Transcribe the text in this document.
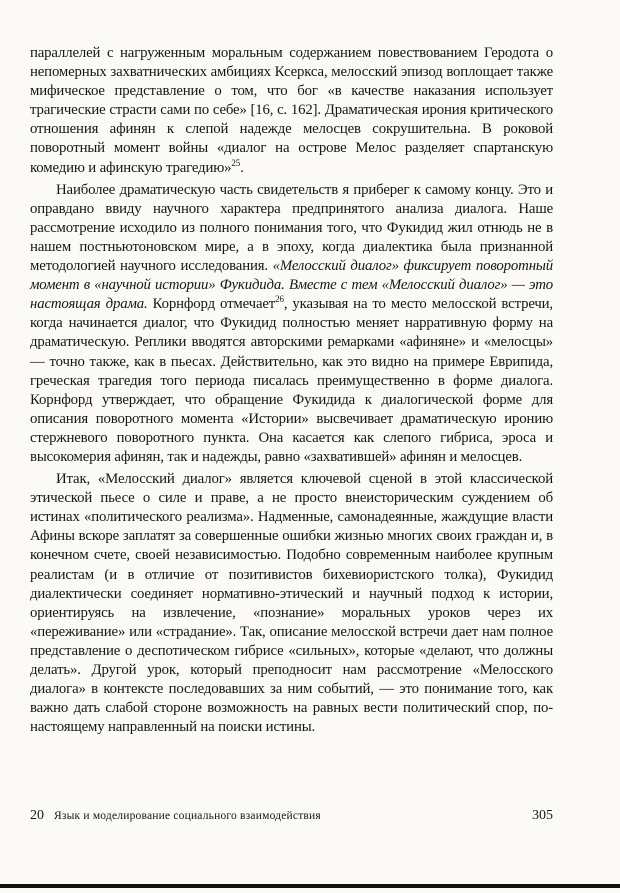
параллелей с нагруженным моральным содержанием повествованием Геродота о непомерных захватнических амбициях Ксеркса, мелосский эпизод воплощает также мифическое представление о том, что бог «в качестве наказания использует трагические страсти сами по себе» [16, с. 162]. Драматическая ирония критического отношения афинян к слепой надежде мелосцев сокрушительна. В роковой поворотный момент войны «диалог на острове Мелос разделяет спартанскую комедию и афинскую трагедию»$^{25}$.

Наиболее драматическую часть свидетельств я приберег к самому концу. Это и оправдано ввиду научного характера предпринятого анализа диалога. Наше рассмотрение исходило из полного понимания того, что Фукидид жил отнюдь не в нашем постньютоновском мире, а в эпоху, когда диалектика была признанной методологией научного исследования. «Мелосский диалог» фиксирует поворотный момент в «научной истории» Фукидида. Вместе с тем «Мелосский диалог» — это настоящая драма. Корнфорд отмечает$^{26}$, указывая на то место мелосской встречи, когда начинается диалог, что Фукидид полностью меняет нарративную форму на драматическую. Реплики вводятся авторскими ремарками «афиняне» и «мелосцы» — точно также, как в пьесах. Действительно, как это видно на примере Еврипида, греческая трагедия того периода писалась преимущественно в форме диалога. Корнфорд утверждает, что обращение Фукидида к диалогической форме для описания поворотного момента «Истории» высвечивает драматическую иронию стержневого поворотного пункта. Она касается как слепого гибриса, эроса и высокомерия афинян, так и надежды, равно «захватившей» афинян и мелосцев.

Итак, «Мелосский диалог» является ключевой сценой в этой классической этической пьесе о силе и праве, а не просто внеисторическим суждением об истинах «политического реализма». Надменные, самонадеянные, жаждущие власти Афины вскоре заплатят за совершенные ошибки жизнью многих своих граждан и, в конечном счете, своей независимостью. Подобно современным наиболее крупным реалистам (и в отличие от позитивистов бихевиористского толка), Фукидид диалектически соединяет нормативно-этический и научный подход к истории, ориентируясь на извлечение, «познание» моральных уроков через их «переживание» или «страдание». Так, описание мелосской встречи дает нам полное представление о деспотическом гибрисе «сильных», которые «делают, что должны делать». Другой урок, который преподносит нам рассмотрение «Мелосского диалога» в контексте последовавших за ним событий, — это понимание того, как важно дать слабой стороне возможность на равных вести политический спор, по-настоящему направленный на поиски истины.

20 Язык и моделирование социального взаимодействия	305
